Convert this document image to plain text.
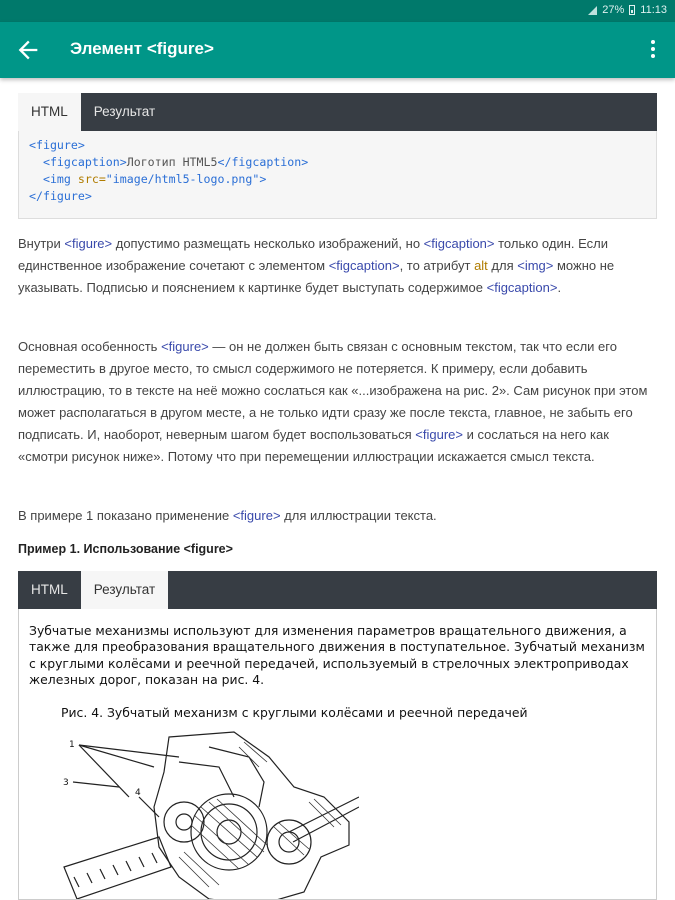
27% 11:13
Элемент <figure>
HTML	Результат
<figure>
<figcaption>Логотип HTML5</figcaption>
<img src="image/html5-logo.png">
</figure>

Внутри <figure> допустимо размещать несколько изображений, но <figcaption> только один. Если единственное изображение сочетают с элементом <figcaption>, то атрибут alt для <img> можно не указывать. Подписью и пояснением к картинке будет выступать содержимое <figcaption>.

Основная особенность <figure> — он не должен быть связан с основным текстом, так что если его переместить в другое место, то смысл содержимого не потеряется. К примеру, если добавить иллюстрацию, то в тексте на неё можно сослаться как «...изображена на рис. 2». Сам рисунок при этом может располагаться в другом месте, а не только идти сразу же после текста, главное, не забыть его подписать. И, наоборот, неверным шагом будет воспользоваться <figure> и сослаться на него как «смотри рисунок ниже». Потому что при перемещении иллюстрации искажается смысл текста.

В примере 1 показано применение <figure> для иллюстрации текста.

Пример 1. Использование <figure>
HTML	Результат
Зубчатые механизмы используют для изменения параметров вращательного движения, а также для преобразования вращательного движения в поступательное. Зубчатый механизм с круглыми колёсами и реечной передачей, используемый в стрелочных электроприводах железных дорог, показан на рис. 4.
Рис. 4. Зубчатый механизм с круглыми колёсами и реечной передачей
1
3
4
